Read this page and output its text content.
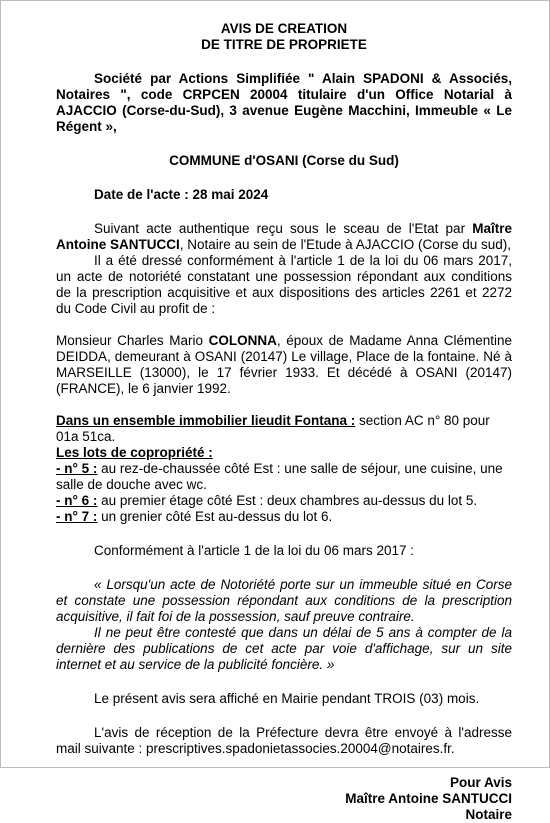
AVIS DE CREATION

DE TITRE DE PROPRIETE

Société par Actions Simplifiée " Alain SPADONI & Associés, Notaires ", code CRPCEN 20004 titulaire d'un Office Notarial à AJACCIO (Corse-du-Sud), 3 avenue Eugène Macchini, Immeuble « Le Régent »,

COMMUNE d'OSANI (Corse du Sud)

Date de l'acte : 28 mai 2024

Suivant acte authentique reçu sous le sceau de l'Etat par Maître Antoine SANTUCCI, Notaire au sein de l'Etude à AJACCIO (Corse du sud),

Il a été dressé conformément à l'article 1 de la loi du 06 mars 2017, un acte de notoriété constatant une possession répondant aux conditions de la prescription acquisitive et aux dispositions des articles 2261 et 2272 du Code Civil au profit de :

Monsieur Charles Mario COLONNA, époux de Madame Anna Clémentine DEIDDA, demeurant à OSANI (20147) Le village, Place de la fontaine. Né à MARSEILLE (13000), le 17 février 1933. Et décédé à OSANI (20147) (FRANCE), le 6 janvier 1992.

Dans un ensemble immobilier lieudit Fontana : section AC n° 80 pour 01a 51ca.

Les lots de copropriété :

- n° 5 : au rez-de-chaussée côté Est : une salle de séjour, une cuisine, une salle de douche avec wc.

- n° 6 : au premier étage côté Est : deux chambres au-dessus du lot 5.

- n° 7 : un grenier côté Est au-dessus du lot 6.

Conformément à l'article 1 de la loi du 06 mars 2017 :

« Lorsqu'un acte de Notoriété porte sur un immeuble situé en Corse et constate une possession répondant aux conditions de la prescription acquisitive, il fait foi de la possession, sauf preuve contraire.

Il ne peut être contesté que dans un délai de 5 ans à compter de la dernière des publications de cet acte par voie d'affichage, sur un site internet et au service de la publicité foncière. »

Le présent avis sera affiché en Mairie pendant TROIS (03) mois.

L'avis de réception de la Préfecture devra être envoyé à l'adresse mail suivante : prescriptives.spadonietassocies.20004@notaires.fr.

Pour Avis

Maître Antoine SANTUCCI

Notaire
